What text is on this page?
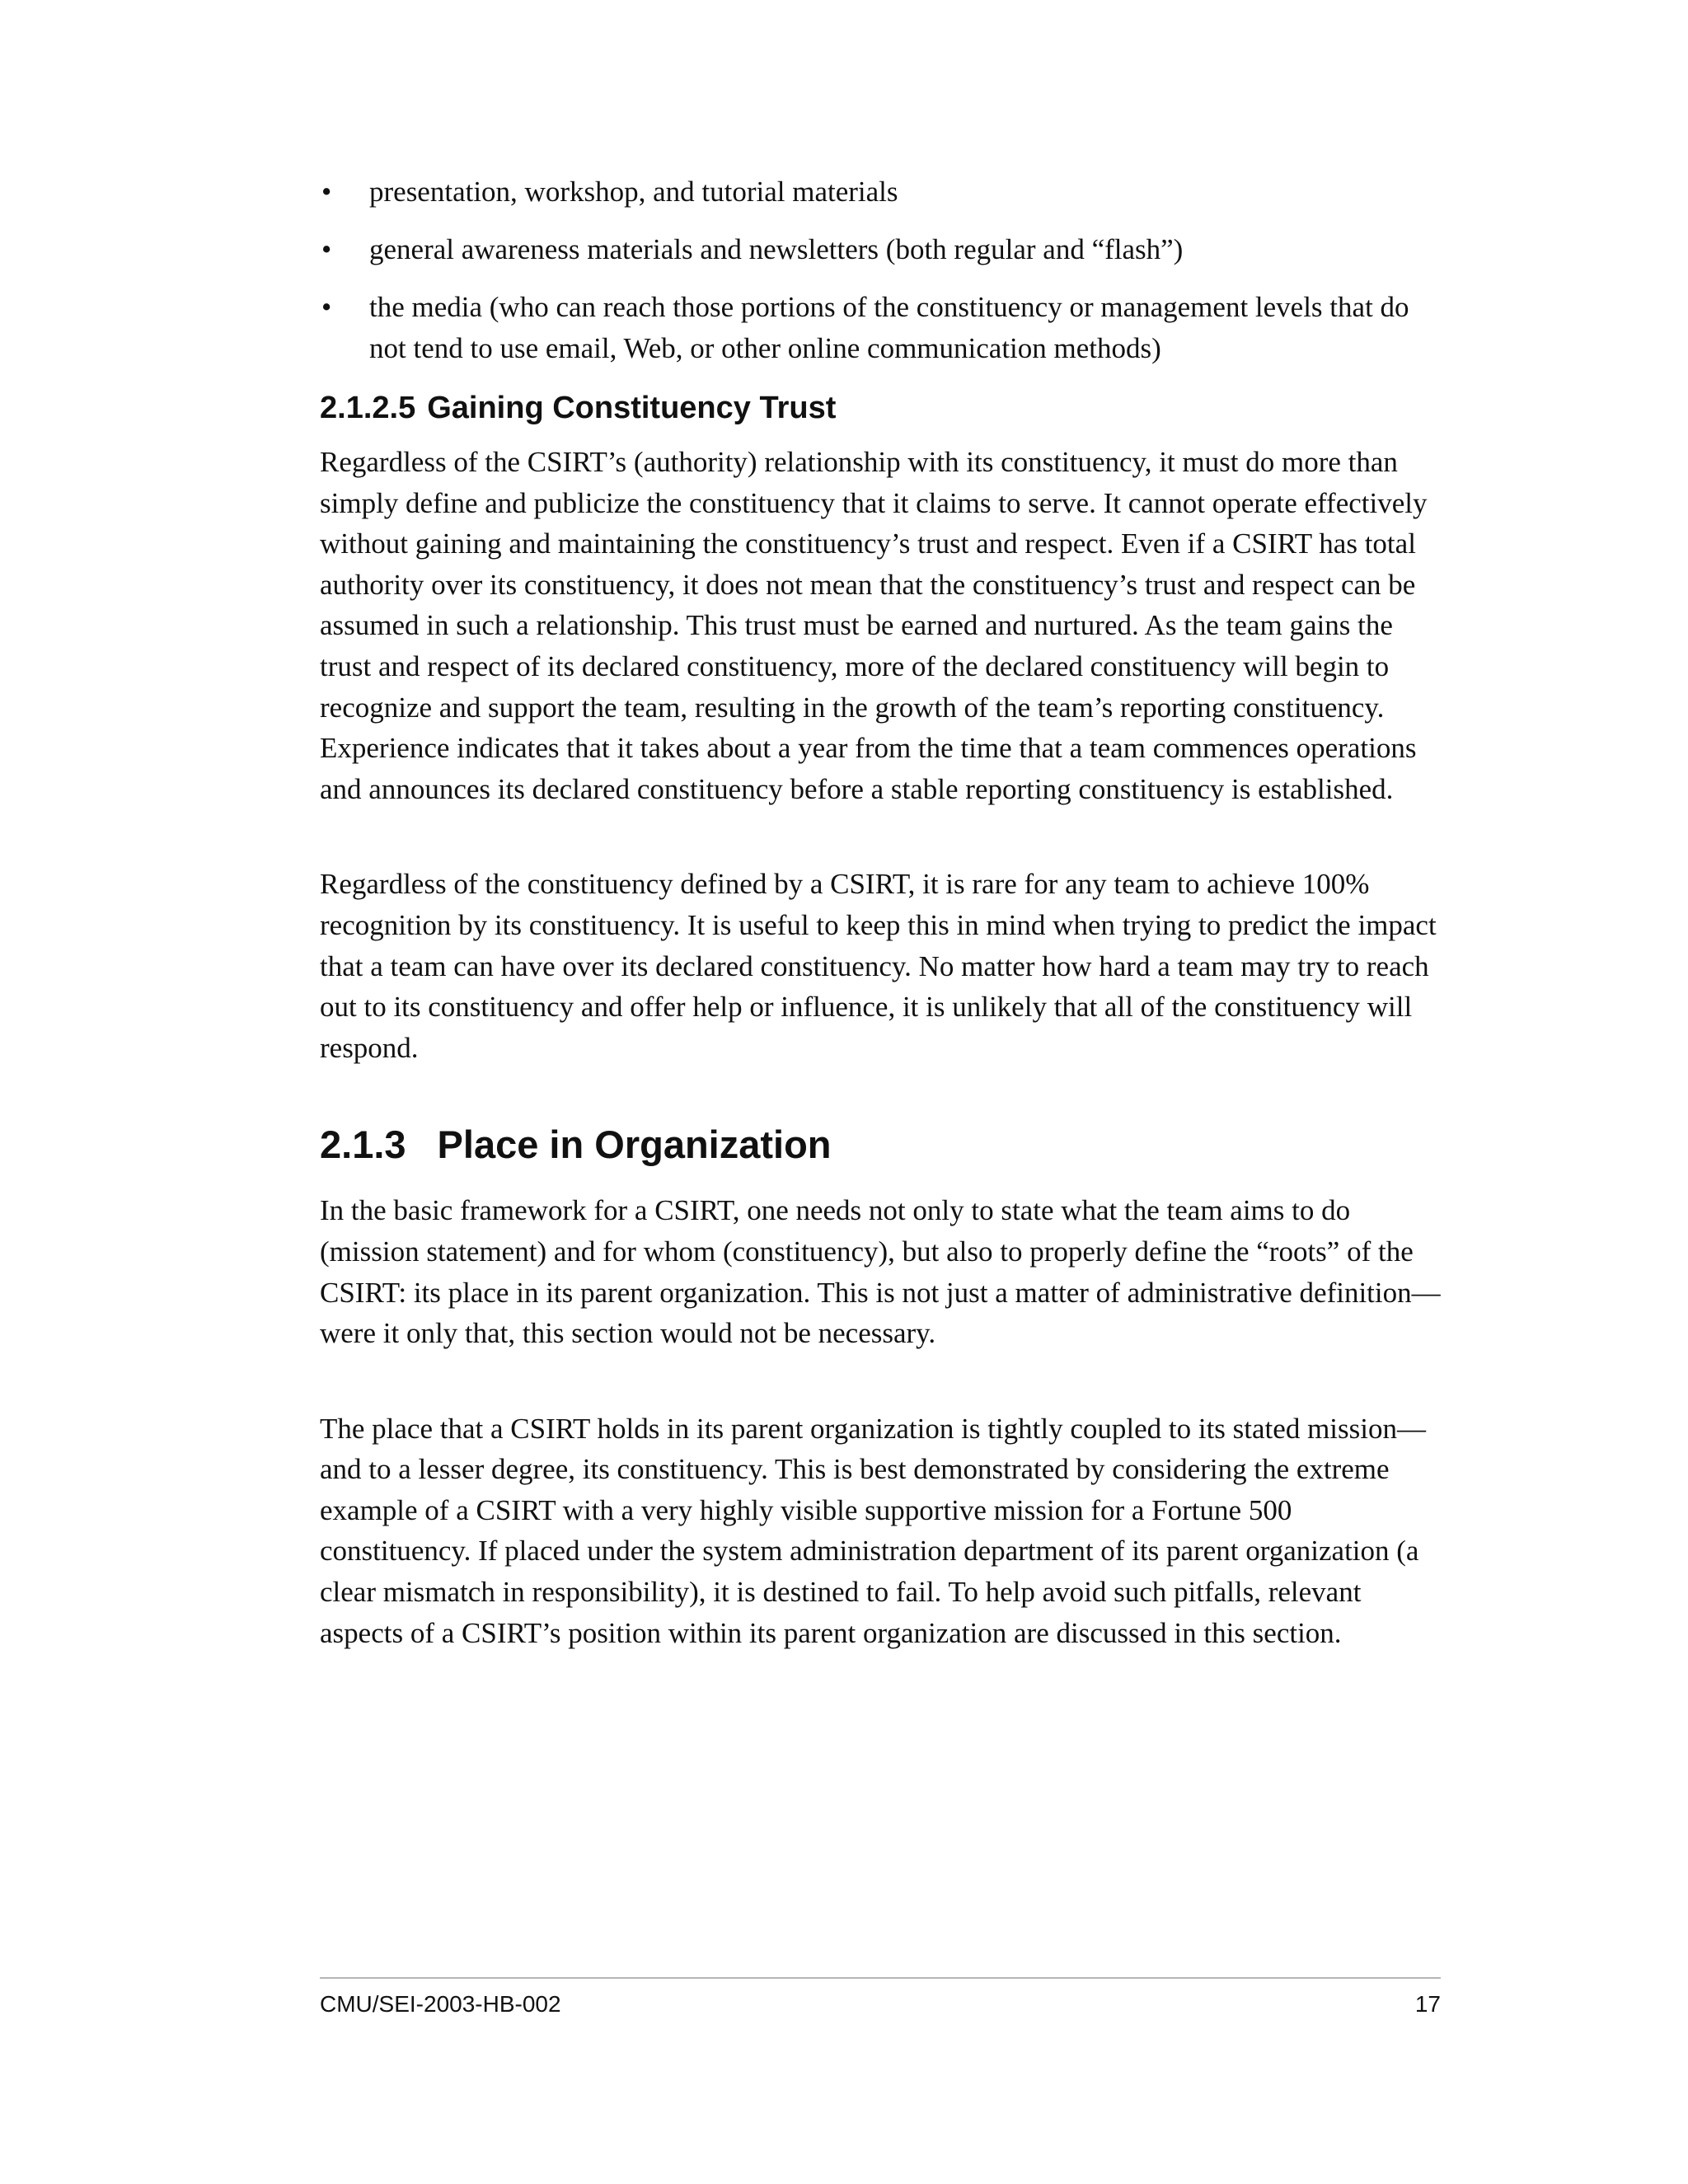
•	presentation, workshop, and tutorial materials
•	general awareness materials and newsletters (both regular and “flash”)
•	the media (who can reach those portions of the constituency or management levels that do not tend to use email, Web, or other online communication methods)
2.1.2.5 Gaining Constituency Trust

Regardless of the CSIRT’s (authority) relationship with its constituency, it must do more than simply define and publicize the constituency that it claims to serve. It cannot operate effectively without gaining and maintaining the constituency’s trust and respect. Even if a CSIRT has total authority over its constituency, it does not mean that the constituency’s trust and respect can be assumed in such a relationship. This trust must be earned and nurtured. As the team gains the trust and respect of its declared constituency, more of the declared constituency will begin to recognize and support the team, resulting in the growth of the team’s reporting constituency. Experience indicates that it takes about a year from the time that a team commences operations and announces its declared constituency before a stable reporting constituency is established.

Regardless of the constituency defined by a CSIRT, it is rare for any team to achieve 100% recognition by its constituency. It is useful to keep this in mind when trying to predict the impact that a team can have over its declared constituency. No matter how hard a team may try to reach out to its constituency and offer help or influence, it is unlikely that all of the constituency will respond.

2.1.3 Place in Organization

In the basic framework for a CSIRT, one needs not only to state what the team aims to do (mission statement) and for whom (constituency), but also to properly define the “roots” of the CSIRT: its place in its parent organization. This is not just a matter of administrative definition—were it only that, this section would not be necessary.

The place that a CSIRT holds in its parent organization is tightly coupled to its stated mission—and to a lesser degree, its constituency. This is best demonstrated by considering the extreme example of a CSIRT with a very highly visible supportive mission for a Fortune 500 constituency. If placed under the system administration department of its parent organization (a clear mismatch in responsibility), it is destined to fail. To help avoid such pitfalls, relevant aspects of a CSIRT’s position within its parent organization are discussed in this section.

CMU/SEI-2003-HB-002	17
